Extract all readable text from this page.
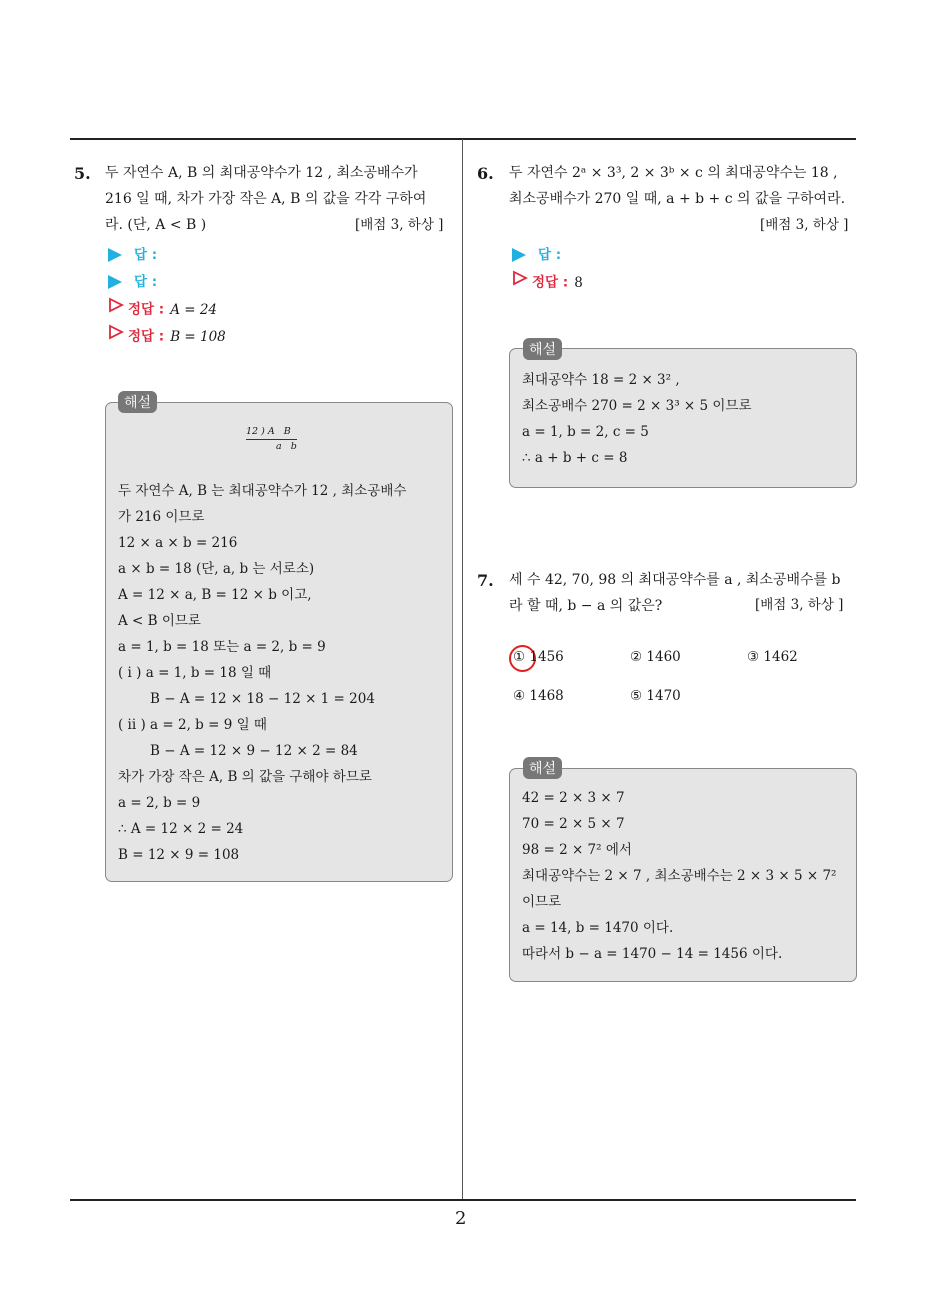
2
5. 두 자연수 A, B 의 최대공약수가 12 , 최소공배수가
216 일 때, 차가 가장 작은 A, B 의 값을 각각 구하여
라. (단, A < B )	[배점 3, 하상 ]
답 :
답 :
정답 : A = 24
정답 : B = 108
12 ) A   B
a   b
두 자연수 A, B 는 최대공약수가 12 , 최소공배수
가 216 이므로
12 × a × b = 216
a × b = 18 (단, a, b 는 서로소)
A = 12 × a, B = 12 × b 이고,
A < B 이므로
a = 1, b = 18 또는 a = 2, b = 9
( i ) a = 1, b = 18 일 때
B − A = 12 × 18 − 12 × 1 = 204
( ii ) a = 2, b = 9 일 때
B − A = 12 × 9 − 12 × 2 = 84
차가 가장 작은 A, B 의 값을 구해야 하므로
a = 2, b = 9
∴ A = 12 × 2 = 24
B = 12 × 9 = 108
해설
6. 두 자연수 2ᵃ × 3³, 2 × 3ᵇ × c 의 최대공약수는 18 ,
최소공배수가 270 일 때, a + b + c 의 값을 구하여라.
[배점 3, 하상 ]
답 :
정답 : 8
최대공약수 18 = 2 × 3² ,
최소공배수 270 = 2 × 3³ × 5 이므로
a = 1, b = 2, c = 5
∴ a + b + c = 8
해설
7. 세 수 42, 70, 98 의 최대공약수를 a , 최소공배수를 b
라 할 때, b − a 의 값은?	[배점 3, 하상 ]
① 1456	② 1460	③ 1462
④ 1468	⑤ 1470
42 = 2 × 3 × 7
70 = 2 × 5 × 7
98 = 2 × 7² 에서
최대공약수는 2 × 7 , 최소공배수는 2 × 3 × 5 × 7²
이므로
a = 14, b = 1470 이다.
따라서 b − a = 1470 − 14 = 1456 이다.
해설
